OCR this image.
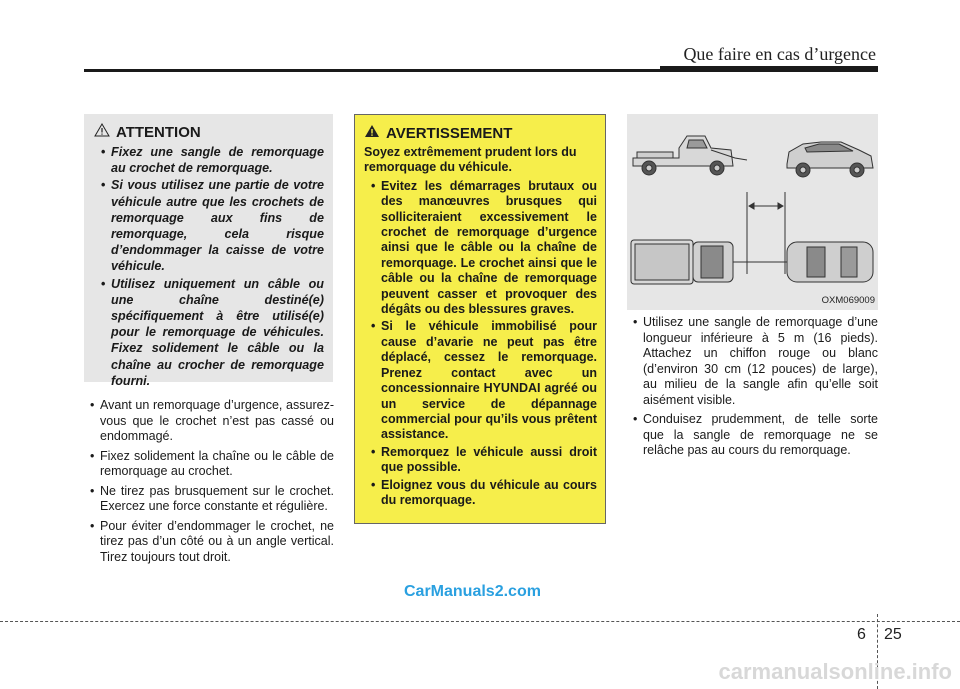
Que faire en cas d’urgence
ATTENTION
• Fixez une sangle de remorquage au crochet de remorquage.
• Si vous utilisez une partie de votre véhicule autre que les crochets de remorquage aux fins de remorquage, cela risque d’endommager la caisse de votre véhicule.
• Utilisez uniquement un câble ou une chaîne destiné(e) spécifiquement à être utilisé(e) pour le remorquage de véhicules. Fixez solidement le câble ou la chaîne au crocher de remorquage fourni.
• Avant un remorquage d’urgence, assurez-vous que le crochet n’est pas cassé ou endommagé.
• Fixez solidement la chaîne ou le câble de remorquage au crochet.
• Ne tirez pas brusquement sur le crochet. Exercez une force constante et régulière.
• Pour éviter d’endommager le crochet, ne tirez pas d’un côté ou à un angle vertical. Tirez toujours tout droit.
AVERTISSEMENT
Soyez extrêmement prudent lors du remorquage du véhicule.
• Evitez les démarrages brutaux ou des manœuvres brusques qui solliciteraient excessivement le crochet de remorquage d’urgence ainsi que le câble ou la chaîne de remorquage. Le crochet ainsi que le câble ou la chaîne de remorquage peuvent casser et provoquer des dégâts ou des blessures graves.
• Si le véhicule immobilisé pour cause d’avarie ne peut pas être déplacé, cessez le remorquage. Prenez contact avec un concessionnaire HYUNDAI agréé ou un service de dépannage commercial pour qu’ils vous prêtent assistance.
• Remorquez le véhicule aussi droit que possible.
• Eloignez vous du véhicule au cours du remorquage.
OXM069009
• Utilisez une sangle de remorquage d’une longueur inférieure à 5 m (16 pieds). Attachez un chiffon rouge ou blanc (d’environ 30 cm (12 pouces) de large), au milieu de la sangle afin qu’elle soit aisément visible.
• Conduisez prudemment, de telle sorte que la sangle de remorquage ne se relâche pas au cours du remorquage.
CarManuals2.com
6 25
carmanualsonline.info
